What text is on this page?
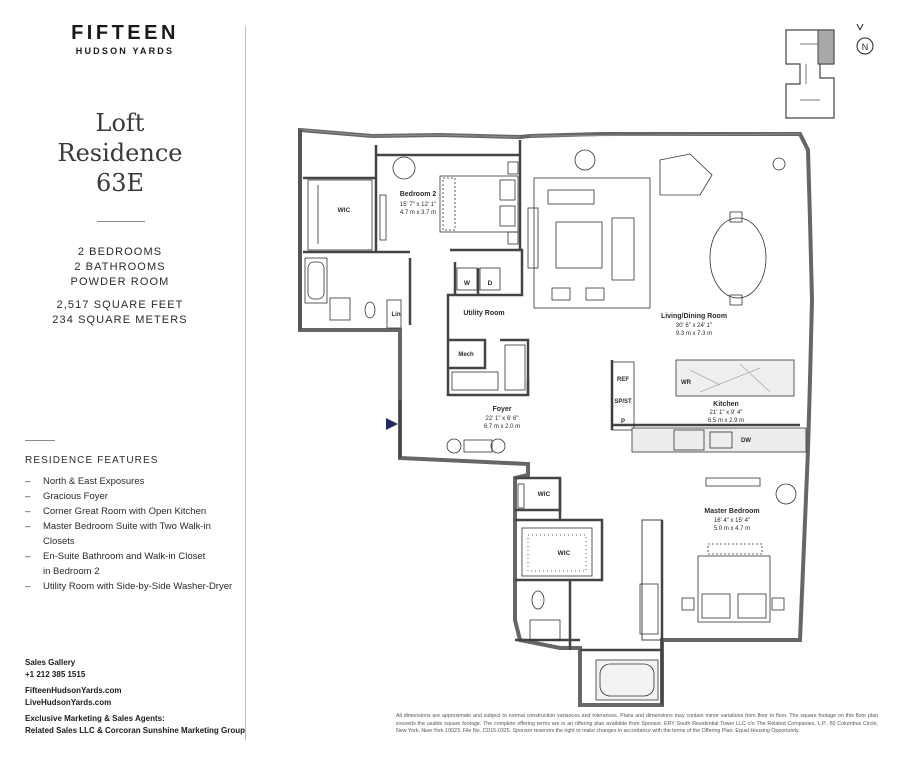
FIFTEEN
HUDSON YARDS
Loft
Residence
63E
2 BEDROOMS
2 BATHROOMS
POWDER ROOM
2,517 SQUARE FEET
234 SQUARE METERS
RESIDENCE FEATURES
– North & East Exposures
– Gracious Foyer
– Corner Great Room with Open Kitchen
– Master Bedroom Suite with Two Walk-in Closets
– En-Suite Bathroom and Walk-in Closet
in Bedroom 2
– Utility Room with Side-by-Side Washer-Dryer
Sales Gallery
+1 212 385 1515
FifteenHudsonYards.com
LiveHudsonYards.com
Exclusive Marketing & Sales Agents:
Related Sales LLC & Corcoran Sunshine Marketing Group
All dimensions are approximate and subject to normal construction variances and tolerances. Plans and dimensions may contain minor variations from floor to floor. The square footage on this floor plan exceeds the usable square footage. The complete offering terms are in an offering plan available from Sponsor, ERY South Residential Tower LLC c/o The Related Companies, L.P., 60 Columbus Circle, New York, New York 10023. File No. CD15-0325. Sponsor reserves the right to make changes in accordance with the terms of the Offering Plan. Equal Housing Opportunity.
N
WIC
Bedroom 2
15' 7" x 12' 1"
4.7 m x 3.7 m
Lin
W	D
Utility Room
Mech
Living/Dining Room
30' 6" x 24' 1"
9.3 m x 7.3 m
REF
SP/ST
P
WR
Kitchen
21' 1" x 9' 4"
6.5 m x 2.9 m
DW
Foyer
22' 1" x 6' 6"
6.7 m x 2.0 m
WIC
WIC
Master Bedroom
16' 4" x 15' 4"
5.0 m x 4.7 m
